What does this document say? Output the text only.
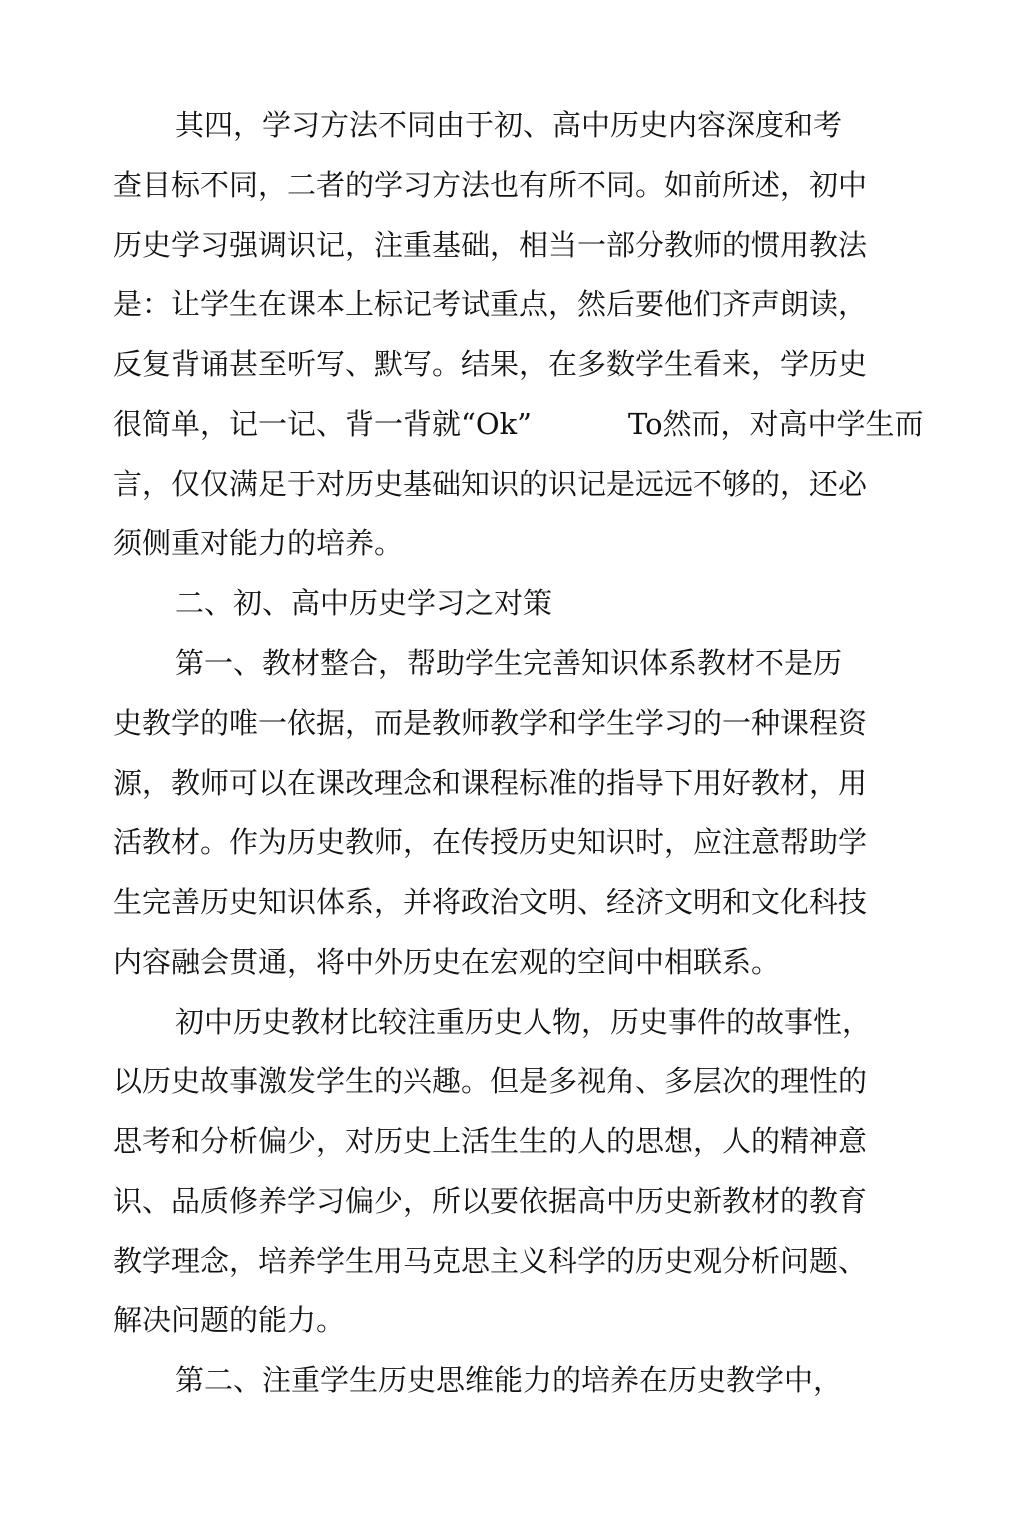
其四，学习方法不同由于初、高中历史内容深度和考

查目标不同，二者的学习方法也有所不同。如前所述，初中

历史学习强调识记，注重基础，相当一部分教师的惯用教法

是：让学生在课本上标记考试重点，然后要他们齐声朗读，

反复背诵甚至听写、默写。结果，在多数学生看来，学历史

很简单，记一记、背一背就“Ok”	To然而，对高中学生而

言，仅仅满足于对历史基础知识的识记是远远不够的，还必

须侧重对能力的培养。

二、初、高中历史学习之对策

第一、教材整合，帮助学生完善知识体系教材不是历

史教学的唯一依据，而是教师教学和学生学习的一种课程资

源，教师可以在课改理念和课程标准的指导下用好教材，用

活教材。作为历史教师，在传授历史知识时，应注意帮助学

生完善历史知识体系，并将政治文明、经济文明和文化科技

内容融会贯通，将中外历史在宏观的空间中相联系。

初中历史教材比较注重历史人物，历史事件的故事性，

以历史故事激发学生的兴趣。但是多视角、多层次的理性的

思考和分析偏少，对历史上活生生的人的思想，人的精神意

识、品质修养学习偏少，所以要依据高中历史新教材的教育

教学理念，培养学生用马克思主义科学的历史观分析问题、

解决问题的能力。

第二、注重学生历史思维能力的培养在历史教学中，
